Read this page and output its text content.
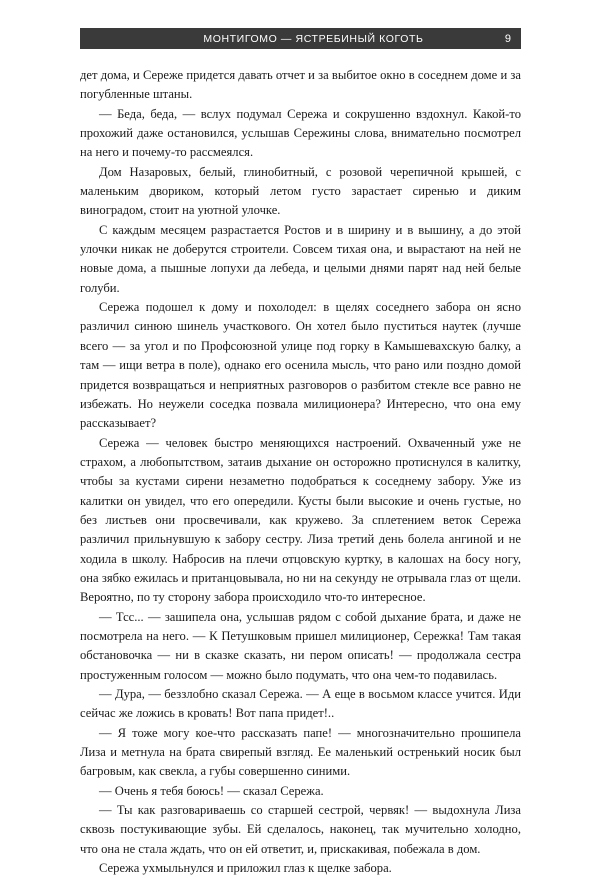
МОНТИГОМО — ЯСТРЕБИНЫЙ КОГОТЬ	9

дет дома, и Сереже придется давать отчет и за выбитое окно в соседнем доме и за погубленные штаны.

— Беда, беда, — вслух подумал Сережа и сокрушенно вздохнул. Какой-то прохожий даже остановился, услышав Сережины слова, внимательно посмотрел на него и почему-то рассмеялся.

Дом Назаровых, белый, глинобитный, с розовой черепичной крышей, с маленьким двориком, который летом густо зарастает сиренью и диким виноградом, стоит на уютной улочке.

С каждым месяцем разрастается Ростов и в ширину и в вышину, а до этой улочки никак не доберутся строители. Совсем тихая она, и вырастают на ней не новые дома, а пышные лопухи да лебеда, и целыми днями парят над ней белые голуби.

Сережа подошел к дому и похолодел: в щелях соседнего забора он ясно различил синюю шинель участкового. Он хотел было пуститься наутек (лучше всего — за угол и по Профсоюзной улице под горку в Камышевахскую балку, а там — ищи ветра в поле), однако его осенила мысль, что рано или поздно домой придется возвращаться и неприятных разговоров о разбитом стекле все равно не избежать. Но неужели соседка позвала милиционера? Интересно, что она ему рассказывает?

Сережа — человек быстро меняющихся настроений. Охваченный уже не страхом, а любопытством, затаив дыхание он осторожно протиснулся в калитку, чтобы за кустами сирени незаметно подобраться к соседнему забору. Уже из калитки он увидел, что его опередили. Кусты были высокие и очень густые, но без листьев они просвечивали, как кружево. За сплетением веток Сережа различил прильнувшую к забору сестру. Лиза третий день болела ангиной и не ходила в школу. Набросив на плечи отцовскую куртку, в калошах на босу ногу, она зябко ежилась и пританцовывала, но ни на секунду не отрывала глаз от щели. Вероятно, по ту сторону забора происходило что-то интересное.

— Тсс... — зашипела она, услышав рядом с собой дыхание брата, и даже не посмотрела на него. — К Петушковым пришел милиционер, Сережка! Там такая обстановочка — ни в сказке сказать, ни пером описать! — продолжала сестра простуженным голосом — можно было подумать, что она чем-то подавилась.

— Дура, — беззлобно сказал Сережа. — А еще в восьмом классе учится. Иди сейчас же ложись в кровать! Вот папа придет!..

— Я тоже могу кое-что рассказать папе! — многозначительно прошипела Лиза и метнула на брата свирепый взгляд. Ее маленький остренький носик был багровым, как свекла, а губы совершенно синими.

— Очень я тебя боюсь! — сказал Сережа.

— Ты как разговариваешь со старшей сестрой, червяк! — выдохнула Лиза сквозь постукивающие зубы. Ей сделалось, наконец, так мучительно холодно, что она не стала ждать, что он ей ответит, и, прискакивая, побежала в дом.

Сережа ухмыльнулся и приложил глаз к щелке забора.
